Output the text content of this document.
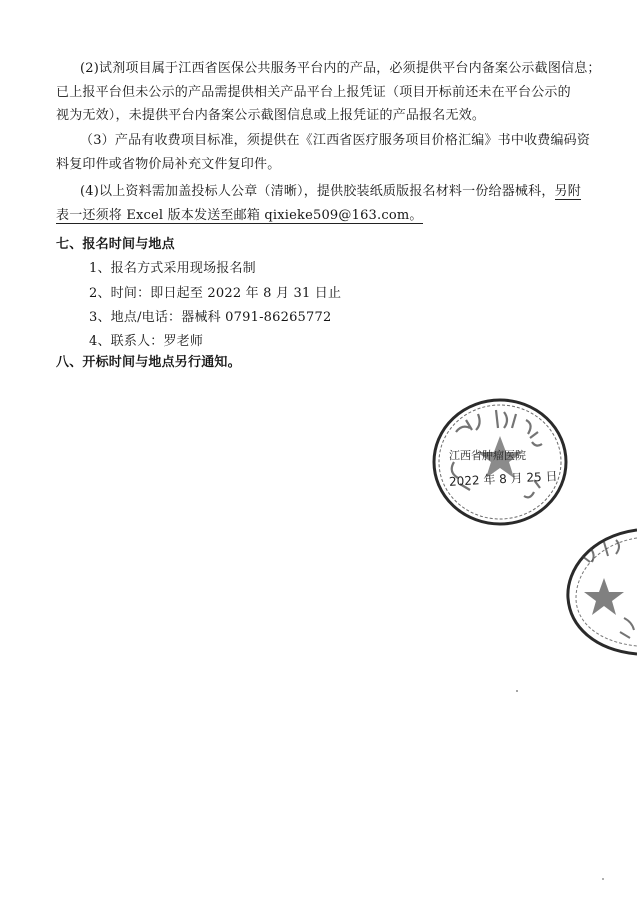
(2)试剂项目属于江西省医保公共服务平台内的产品，必须提供平台内备案公示截图信息；
已上报平台但未公示的产品需提供相关产品平台上报凭证（项目开标前还未在平台公示的
视为无效），未提供平台内备案公示截图信息或上报凭证的产品报名无效。
（3）产品有收费项目标准，须提供在《江西省医疗服务项目价格汇编》书中收费编码资
料复印件或省物价局补充文件复印件。
(4)以上资料需加盖投标人公章（清晰），提供胶装纸质版报名材料一份给器械科，另附
表一还须将 Excel 版本发送至邮箱 qixieke509@163.com。
七、报名时间与地点
1、报名方式采用现场报名制
2、时间：即日起至 2022 年 8 月 31 日止
3、地点/电话：器械科 0791-86265772
4、联系人：罗老师
八、开标时间与地点另行通知。
江西省肿瘤医院
2022 年 8 月 25 日
